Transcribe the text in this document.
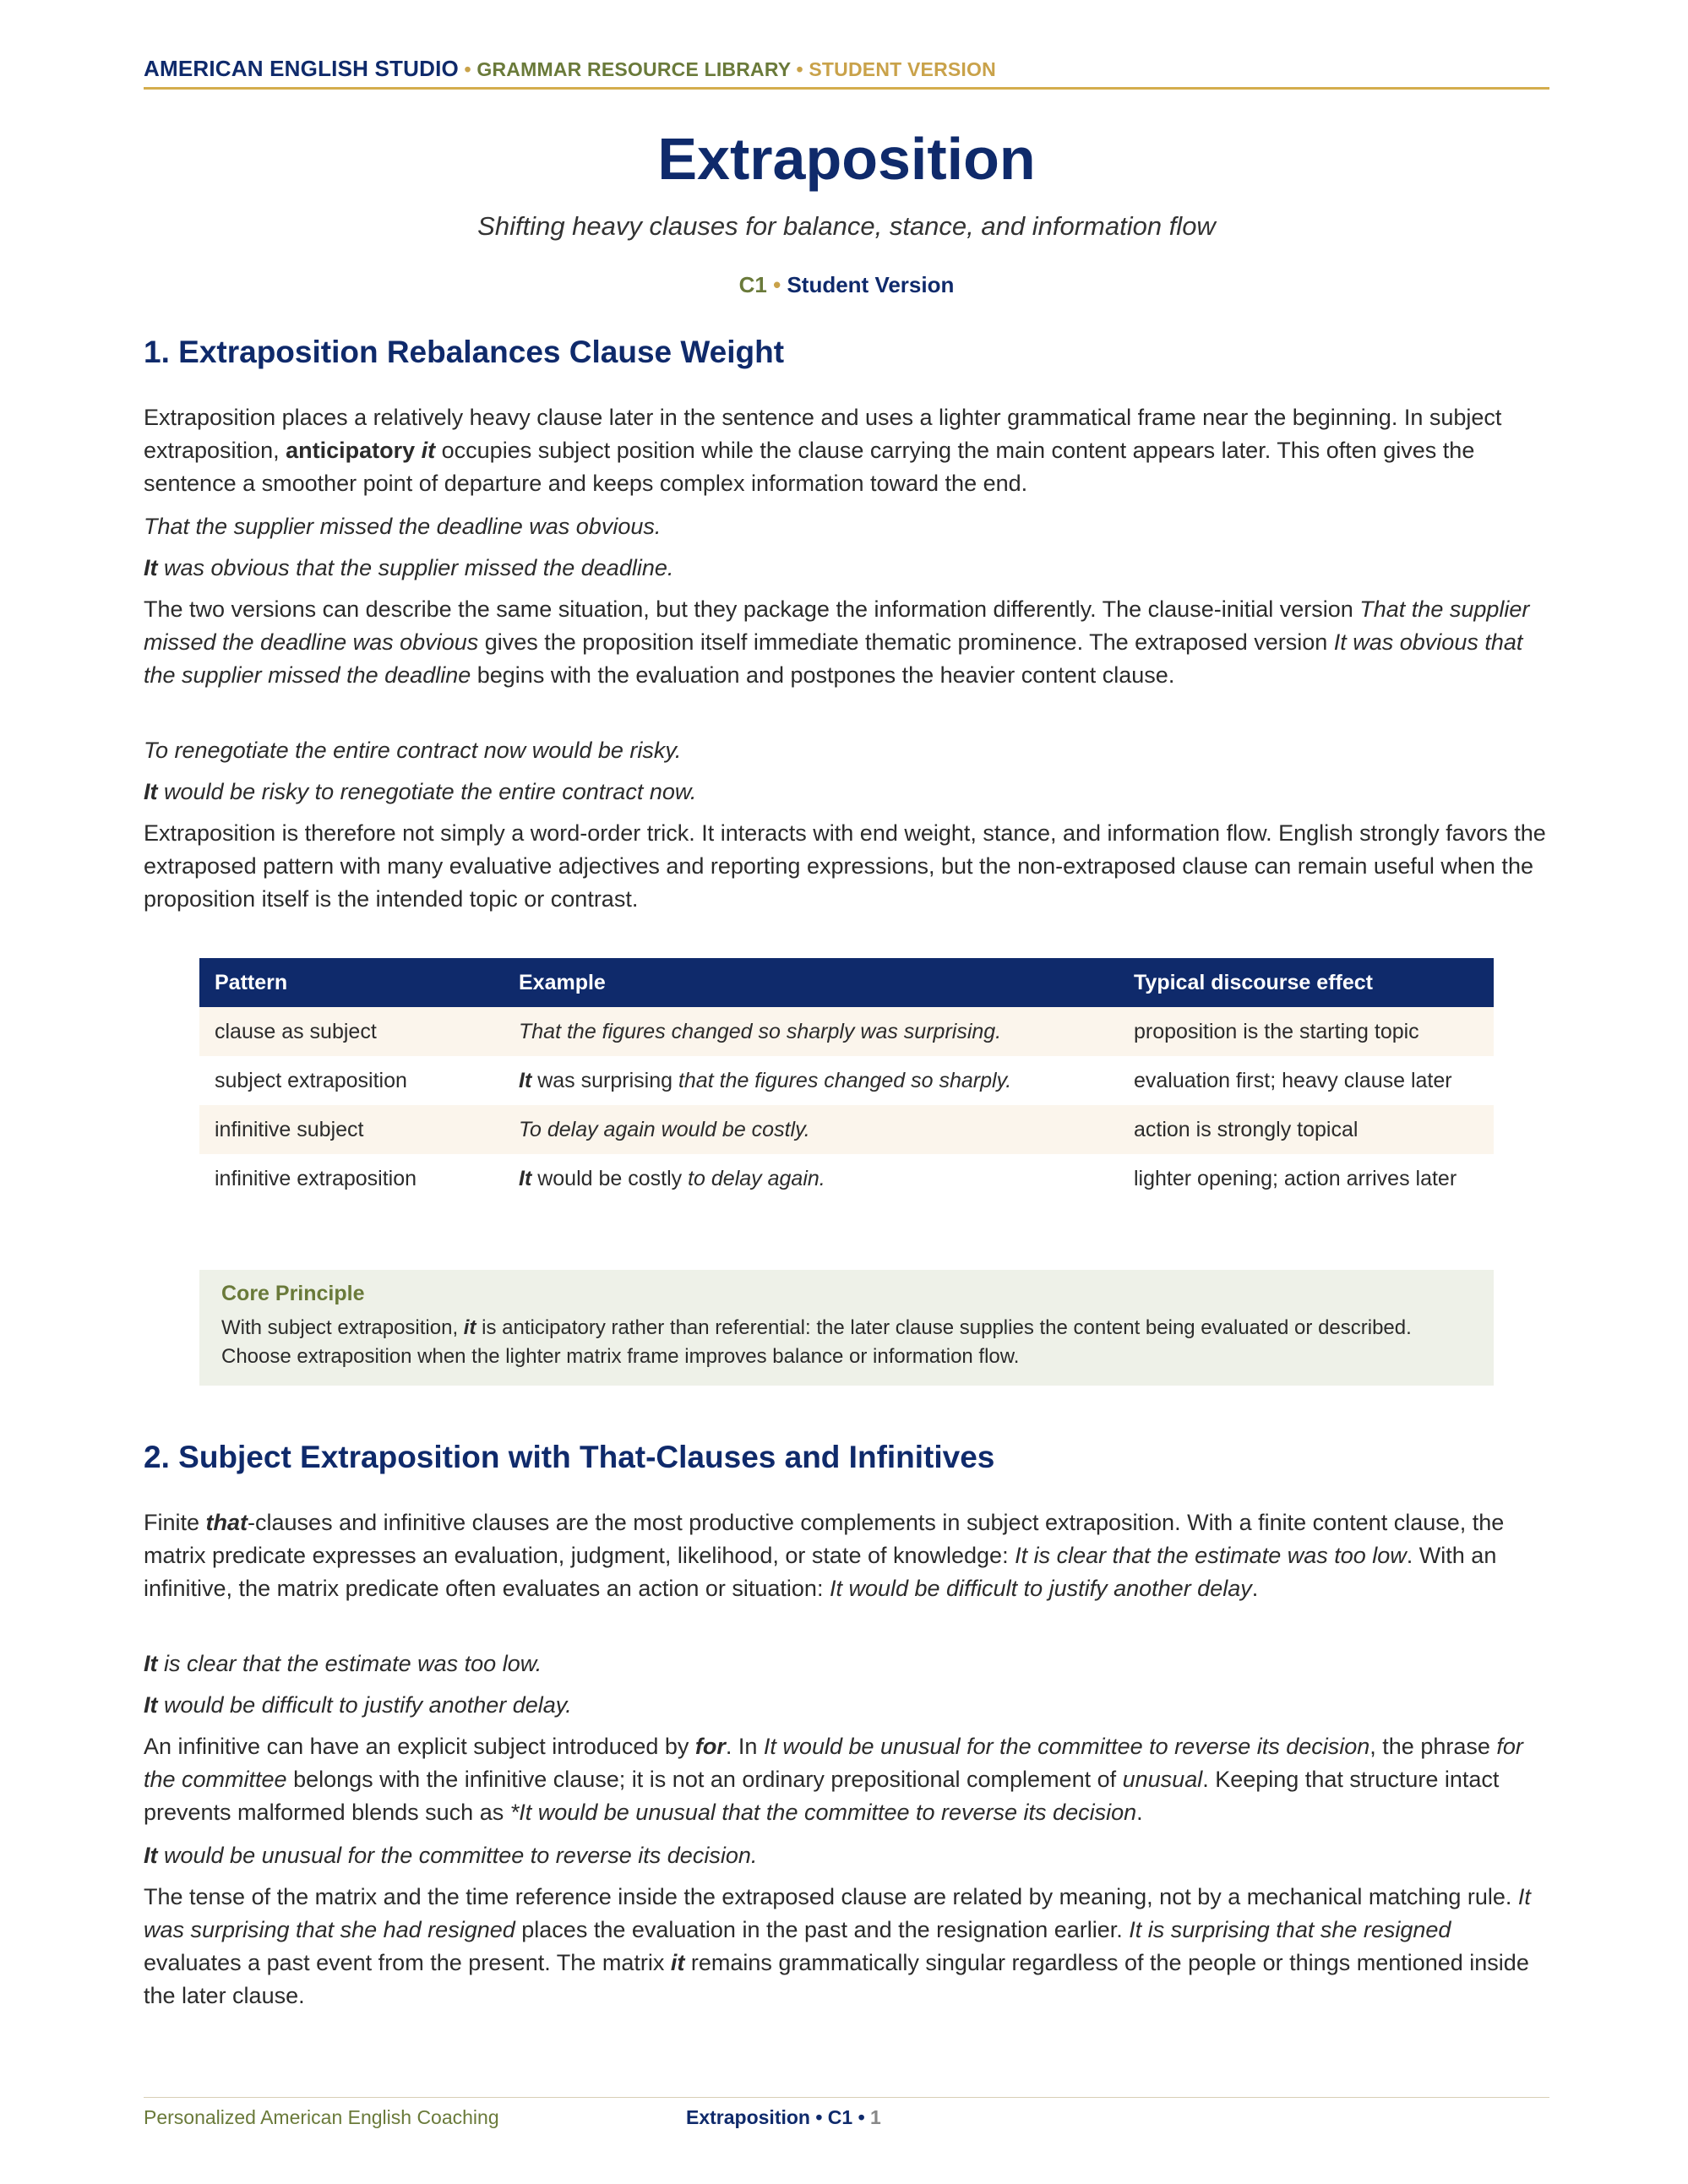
AMERICAN ENGLISH STUDIO • GRAMMAR RESOURCE LIBRARY • STUDENT VERSION
Extraposition
Shifting heavy clauses for balance, stance, and information flow
C1 • Student Version
1. Extraposition Rebalances Clause Weight
Extraposition places a relatively heavy clause later in the sentence and uses a lighter grammatical frame near the beginning. In subject extraposition, anticipatory it occupies subject position while the clause carrying the main content appears later. This often gives the sentence a smoother point of departure and keeps complex information toward the end.
That the supplier missed the deadline was obvious.
It was obvious that the supplier missed the deadline.
The two versions can describe the same situation, but they package the information differently. The clause-initial version That the supplier missed the deadline was obvious gives the proposition itself immediate thematic prominence. The extraposed version It was obvious that the supplier missed the deadline begins with the evaluation and postpones the heavier content clause.
To renegotiate the entire contract now would be risky.
It would be risky to renegotiate the entire contract now.
Extraposition is therefore not simply a word-order trick. It interacts with end weight, stance, and information flow. English strongly favors the extraposed pattern with many evaluative adjectives and reporting expressions, but the non-extraposed clause can remain useful when the proposition itself is the intended topic or contrast.
Pattern	Example	Typical discourse effect
clause as subject	That the figures changed so sharply was surprising.	proposition is the starting topic
subject extraposition	It was surprising that the figures changed so sharply.	evaluation first; heavy clause later
infinitive subject	To delay again would be costly.	action is strongly topical
infinitive extraposition	It would be costly to delay again.	lighter opening; action arrives later
Core Principle
With subject extraposition, it is anticipatory rather than referential: the later clause supplies the content being evaluated or described. Choose extraposition when the lighter matrix frame improves balance or information flow.
2. Subject Extraposition with That-Clauses and Infinitives
Finite that-clauses and infinitive clauses are the most productive complements in subject extraposition. With a finite content clause, the matrix predicate expresses an evaluation, judgment, likelihood, or state of knowledge: It is clear that the estimate was too low. With an infinitive, the matrix predicate often evaluates an action or situation: It would be difficult to justify another delay.
It is clear that the estimate was too low.
It would be difficult to justify another delay.
An infinitive can have an explicit subject introduced by for. In It would be unusual for the committee to reverse its decision, the phrase for the committee belongs with the infinitive clause; it is not an ordinary prepositional complement of unusual. Keeping that structure intact prevents malformed blends such as *It would be unusual that the committee to reverse its decision.
It would be unusual for the committee to reverse its decision.
The tense of the matrix and the time reference inside the extraposed clause are related by meaning, not by a mechanical matching rule. It was surprising that she had resigned places the evaluation in the past and the resignation earlier. It is surprising that she resigned evaluates a past event from the present. The matrix it remains grammatically singular regardless of the people or things mentioned inside the later clause.
Personalized American English Coaching	Extraposition • C1 • 1
